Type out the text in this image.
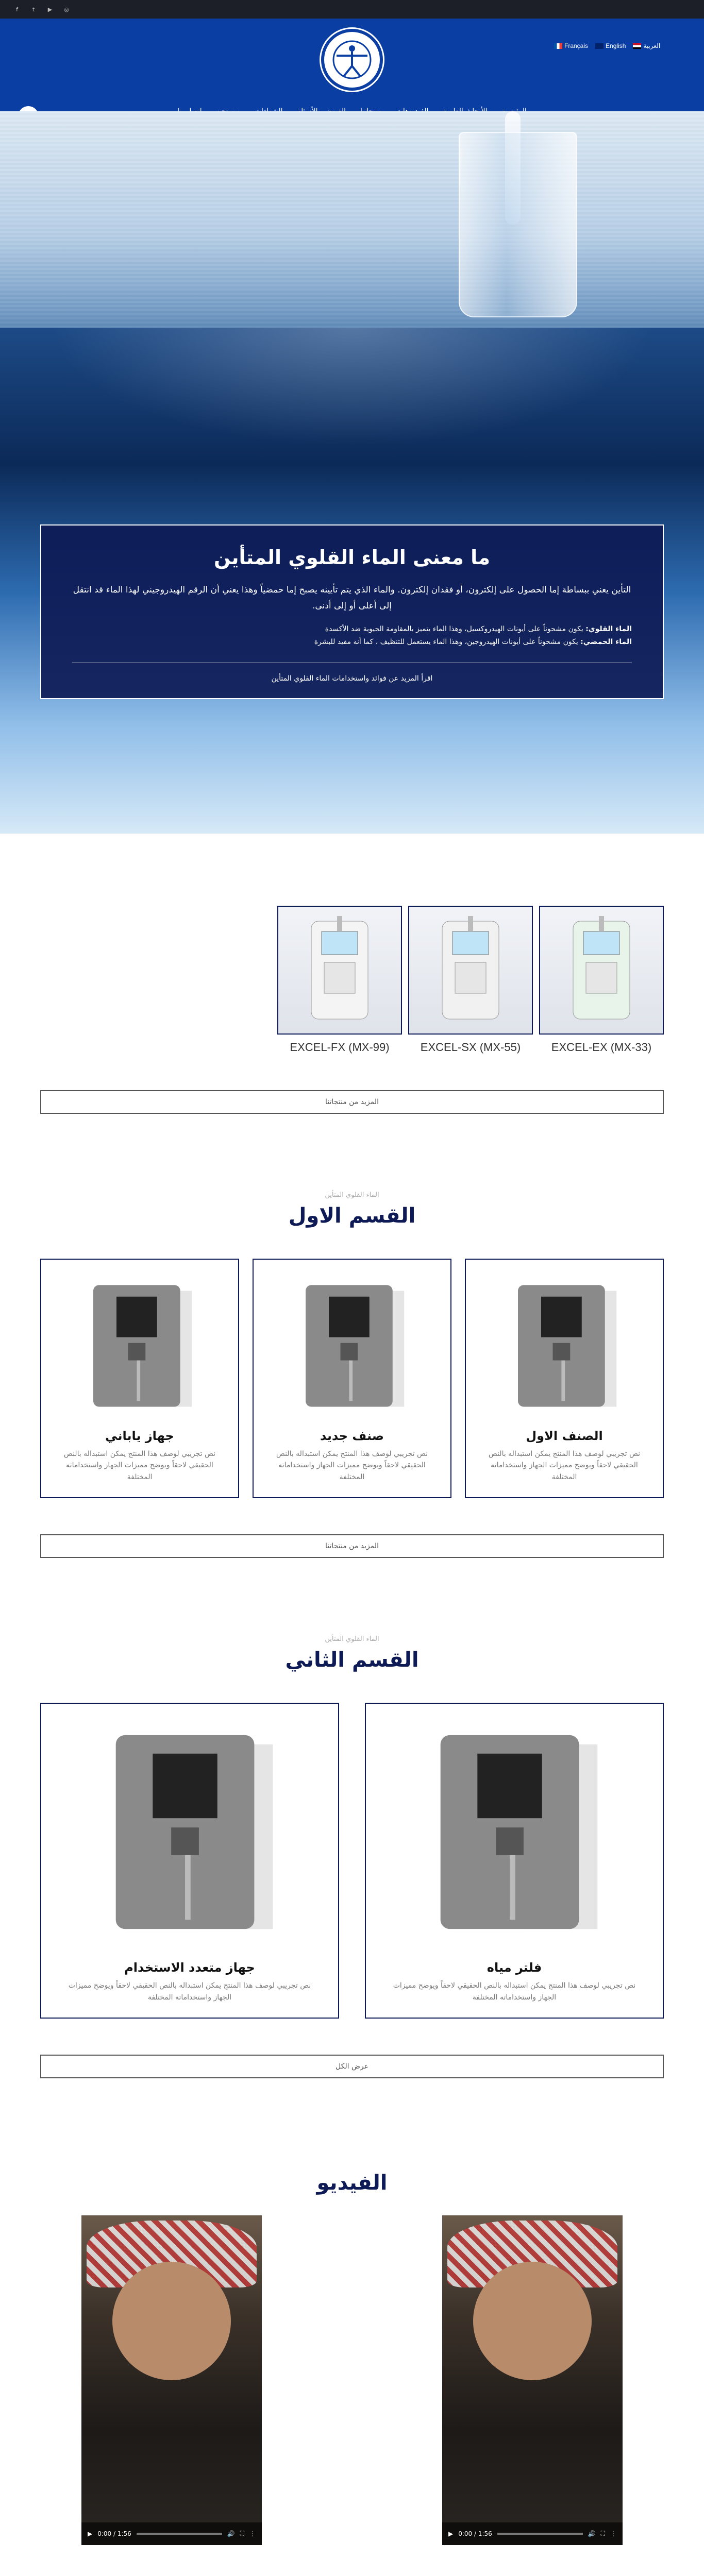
f	t	▶	◎
Français	English	العربية
ما معنى الماء القلوي المتأين
التأين يعني ببساطة إما الحصول على إلكترون، أو فقدان إلكترون. والماء الذي يتم تأيينه يصبح إما حمضياً وهذا يعني أن الرقم الهيدروجيني لهذا الماء قد انتقل إلى أعلى أو إلى أدنى.
الماء القلوي: يكون مشحوناً على أيونات الهيدروكسيل، وهذا الماء يتميز بالمقاومة الحيوية ضد الأكسدة
الماء الحمضي: يكون مشحوناً على أيونات الهيدروجين، وهذا الماء يستعمل للتنظيف ، كما أنه مفيد للبشرة
اقرأ المزيد عن فوائد واستخدامات الماء القلوي المتأين
EXCEL-EX (MX-33)
EXCEL-SX (MX-55)
EXCEL-FX (MX-99)
المزيد من منتجاتنا
الماء القلوي المتأين
القسم الاول
الصنف الاول
نص تجريبي لوصف هذا المنتج يمكن استبداله بالنص الحقيقي لاحقاً ويوضح مميزات الجهاز واستخداماته المختلفة
صنف جديد
نص تجريبي لوصف هذا المنتج يمكن استبداله بالنص الحقيقي لاحقاً ويوضح مميزات الجهاز واستخداماته المختلفة
جهاز ياباني
نص تجريبي لوصف هذا المنتج يمكن استبداله بالنص الحقيقي لاحقاً ويوضح مميزات الجهاز واستخداماته المختلفة
المزيد من منتجاتنا
الماء القلوي المتأين
القسم الثاني
فلتر مياه
نص تجريبي لوصف هذا المنتج يمكن استبداله بالنص الحقيقي لاحقاً ويوضح مميزات الجهاز واستخداماته المختلفة
جهاز متعدد الاستخدام
نص تجريبي لوصف هذا المنتج يمكن استبداله بالنص الحقيقي لاحقاً ويوضح مميزات الجهاز واستخداماته المختلفة
عرض الكل
الفيديو
▶ 0:00 / 1:56	🔊 ⛶ ⋮
▶ 0:00 / 1:56	🔊 ⛶ ⋮
